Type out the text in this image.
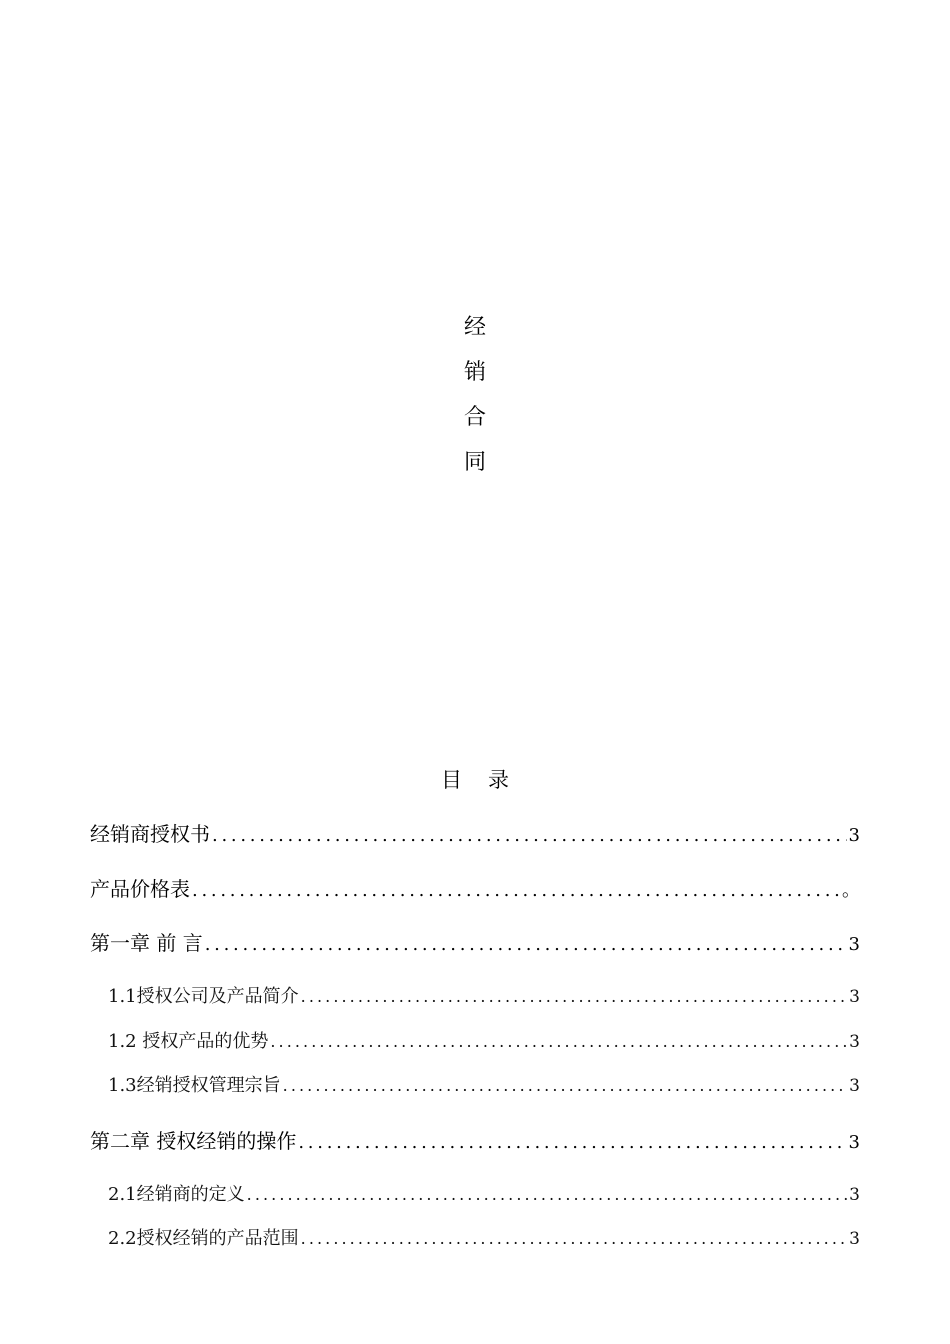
经
销
合
同
目 录
经销商授权书 . . .	3
产品价格表 . . .	。
第一章 前 言 . . .	3
1.1授权公司及产品简介 . . .	3
1.2 授权产品的优势 . . .	3
1.3经销授权管理宗旨 . . .	3
第二章 授权经销的操作 . . .	3
2.1经销商的定义 . . .	3
2.2授权经销的产品范围 . . .	3
